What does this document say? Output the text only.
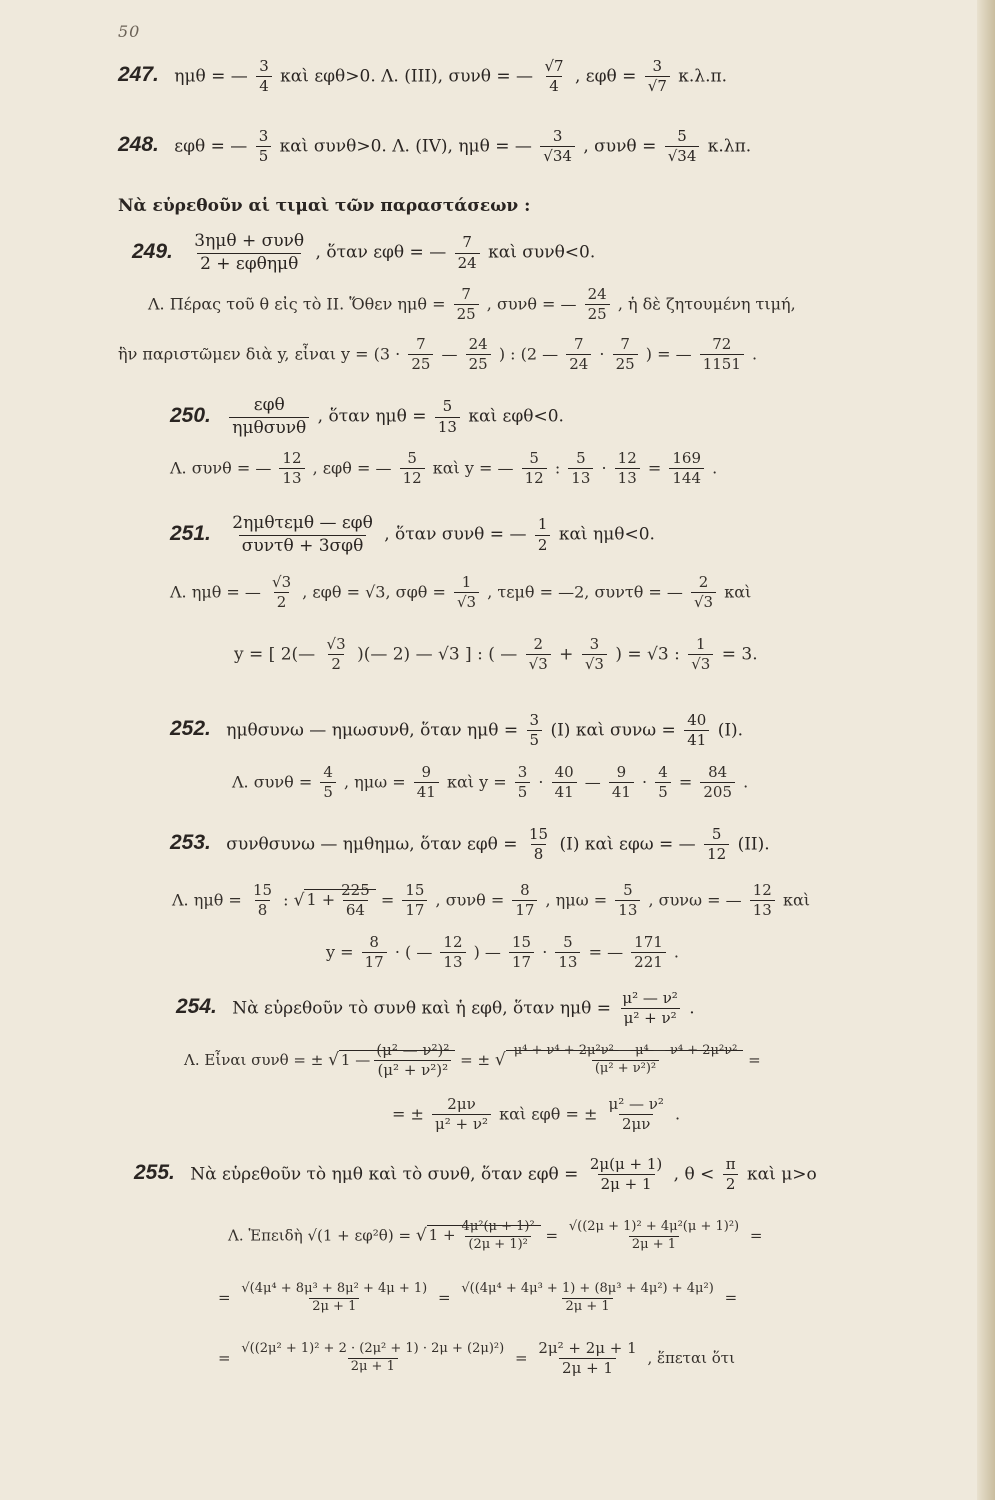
50
247. ημθ = — $\frac{3}{4}$ καὶ εφθ>0. Λ. (III), συνθ = — $\frac{√7}{4}$ , $\varepsilon\varphi\theta = \frac{3}{√7} \kappa.\lambda.\pi$.
248. εφθ = — $\frac{3}{5}$ καὶ συνθ>0. Λ. (IV), ημθ = — $\frac{3}{√34}$ , $\sigma\upsilon\nu\theta = \frac{5}{√34} \kappa.\lambda\pi$.
Νὰ εὑρεθοῦν αἱ τιμαὶ τῶν παραστάσεων :
249. $\frac{\text{3ημθ + συνθ}}{\text{2 + εφθημθ}}$ , ὅταν εφθ = — $\frac{7}{24}$ καὶ συνθ<0.
Λ. Πέρας τοῦ θ εἰς τὸ II. Ὅθεν $\eta\mu\theta = \frac{7}{25}$ , συνθ = — $\frac{24}{25}$ , ἡ δὲ ζητουμένη τιμή,
ἣν παριστῶμεν διὰ y, εἶναι $y = (3 \cdot \frac{7}{25}$ — $\frac{24}{25}$ ) : (2 — $\frac{7}{24} \cdot \frac{7}{25}$ ) = — $\frac{72}{1151}$ .
250. $\frac{\text{εφθ}}{\text{ημθσυνθ}}$ , ὅταν $\eta\mu\theta = \frac{5}{13}$ καὶ εφθ<0.
Λ. συνθ = — $\frac{12}{13}$ , εφθ = — $\frac{5}{12}$ καὶ y = — $\frac{5}{12}$ : $\frac{5}{13} \cdot \frac{12}{13} = \frac{169}{144}$ .
251. $\frac{\text{2ημθτεμθ — εφθ}}{\text{συντθ + 3σφθ}}$ , ὅταν συνθ = — $\frac{1}{2}$ καὶ ημθ<0.
Λ. ημθ = — $\frac{√3}{2}$ , εφθ = √3, $\sigma\varphi\theta = \frac{1}{√3}$ , τεμθ = —2, συντθ = — $\frac{2}{√3}$ καὶ
y = [ 2(— $\frac{√3}{2}$ )(— 2) — √3 ] : ( — $\frac{2}{√3} + \frac{3}{√3}$ ) = √3 : $\frac{1}{√3} = 3$.
252. ημθσυνω — ημωσυνθ, ὅταν $\eta\mu\theta = \frac{3}{5} (I)$ καὶ $\sigma\upsilon\nu\omega = \frac{40}{41} (I)$.
Λ. $\sigma\upsilon\nu\theta = \frac{4}{5}$ , $\eta\mu\omega = \frac{9}{41}$ καὶ $y = \frac{3}{5} \cdot \frac{40}{41}$ — $\frac{9}{41} \cdot \frac{4}{5} = \frac{84}{205}$ .
253. συνθσυνω — ημθημω, ὅταν $\varepsilon\varphi\theta = \frac{15}{8} (I)$ καὶ εφω = — $\frac{5}{12} (II)$.
Λ. $\eta\mu\theta = \frac{15}{8}$ : √ $1 + \frac{225}{64} = \frac{15}{17}$ , $\sigma\upsilon\nu\theta = \frac{8}{17}$ , $\eta\mu\omega = \frac{5}{13}$ , συνω = — $\frac{12}{13}$ καὶ
$y = \frac{8}{17}$ · ( — $\frac{12}{13}$ ) — $\frac{15}{17} \cdot \frac{5}{13}$ = — $\frac{171}{221}$ .
254. Νὰ εὑρεθοῦν τὸ συνθ καὶ ἡ εφθ, ὅταν $\eta\mu\theta = \frac{\text{μ² — ν²}}{\text{μ² + ν²}}$ .
Λ. Εἶναι συνθ = ± √ 1 — $\frac{\text{(μ² — ν²)²}}{\text{(μ² + ν²)²}}$ = ± √ $\frac{\text{μ⁴ + ν⁴ + 2μ²ν² — μ⁴ — ν⁴ + 2μ²ν²}}{\text{(μ² + ν²)²}}$ =
= ± $\frac{2\mu\nu}{\text{μ² + ν²}}$ καὶ εφθ = ± $\frac{\text{μ² — ν²}}{2\mu\nu}$ .
255. Νὰ εὑρεθοῦν τὸ ημθ καὶ τὸ συνθ, ὅταν $\varepsilon\varphi\theta = \frac{2\mu(\mu + 1)}{2\mu + 1}$ , $\theta < \frac{\pi}{2}$ καὶ μ>o
Λ. Ἐπειδὴ √(1 + εφ²θ) = √ $1 + \frac{\text{4μ²(μ + 1)²}}{\text{(2μ + 1)²}} = \frac{\text{√((2μ + 1)² + 4μ²(μ + 1)²)}}{2\mu + 1}$ =
= $\frac{\text{√(4μ⁴ + 8μ³ + 8μ² + 4μ + 1)}}{2\mu + 1} = \frac{\text{√((4μ⁴ + 4μ³ + 1) + (8μ³ + 4μ²) + 4μ²)}}{2\mu + 1}$ =
= $\frac{\text{√((2μ² + 1)² + 2 · (2μ² + 1) · 2μ + (2μ)²)}}{2\mu + 1} = \frac{\text{2μ² + 2μ + 1}}{2\mu + 1}$ , ἕπεται ὅτι
